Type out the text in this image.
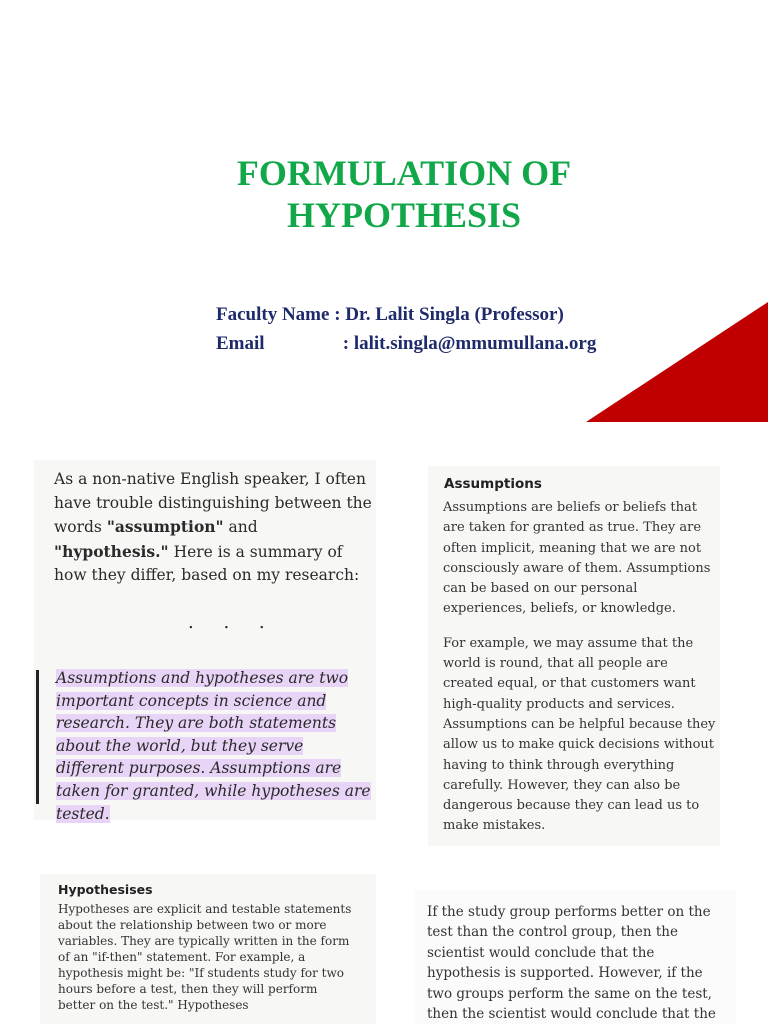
FORMULATION OF
HYPOTHESIS
Faculty Name : Dr. Lalit Singla (Professor)
Email	: lalit.singla@mmumullana.org
As a non-native English speaker, I often have trouble distinguishing between the words "assumption" and "hypothesis." Here is a summary of how they differ, based on my research:
. . .
Assumptions and hypotheses are two important concepts in science and research. They are both statements about the world, but they serve different purposes. Assumptions are taken for granted, while hypotheses are tested.
Assumptions

Assumptions are beliefs or beliefs that are taken for granted as true. They are often implicit, meaning that we are not consciously aware of them. Assumptions can be based on our personal experiences, beliefs, or knowledge.

For example, we may assume that the world is round, that all people are created equal, or that customers want high-quality products and services. Assumptions can be helpful because they allow us to make quick decisions without having to think through everything carefully. However, they can also be dangerous because they can lead us to make mistakes.

Hypothesises
Hypotheses are explicit and testable statements about the relationship between two or more variables. They are typically written in the form of an "if-then" statement. For example, a hypothesis might be: "If students study for two hours before a test, then they will perform better on the test." Hypotheses
If the study group performs better on the test than the control group, then the scientist would conclude that the hypothesis is supported. However, if the two groups perform the same on the test, then the scientist would conclude that the
